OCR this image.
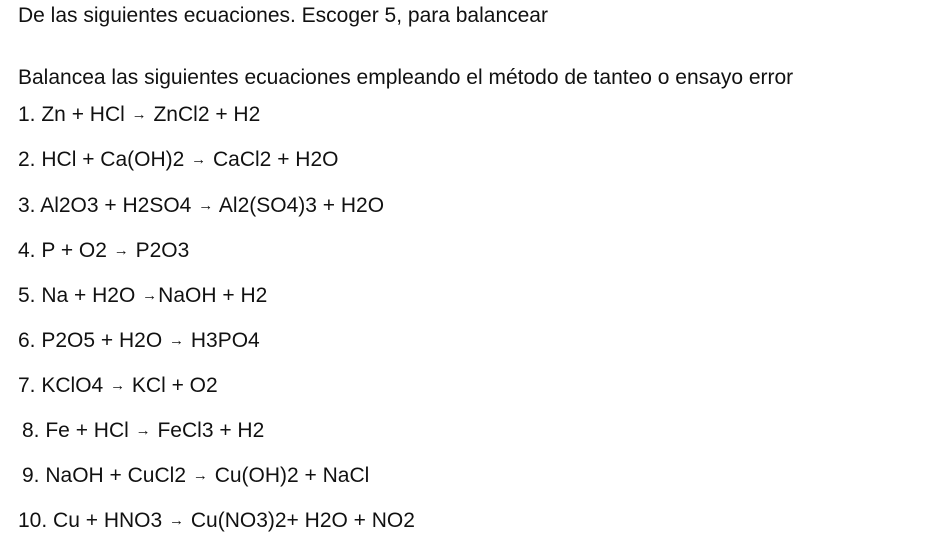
De las siguientes ecuaciones. Escoger 5, para balancear
Balancea las siguientes ecuaciones empleando el método de tanteo o ensayo error
1. Zn + HCl → ZnCl2 + H2
2. HCl + Ca(OH)2 → CaCl2 + H2O
3. Al2O3 + H2SO4 → Al2(SO4)3 + H2O
4. P + O2 → P2O3
5. Na + H2O →NaOH + H2
6. P2O5 + H2O → H3PO4
7. KClO4 → KCl + O2
8. Fe + HCl → FeCl3 + H2
9. NaOH + CuCl2 → Cu(OH)2 + NaCl
10. Cu + HNO3 → Cu(NO3)2+ H2O + NO2
